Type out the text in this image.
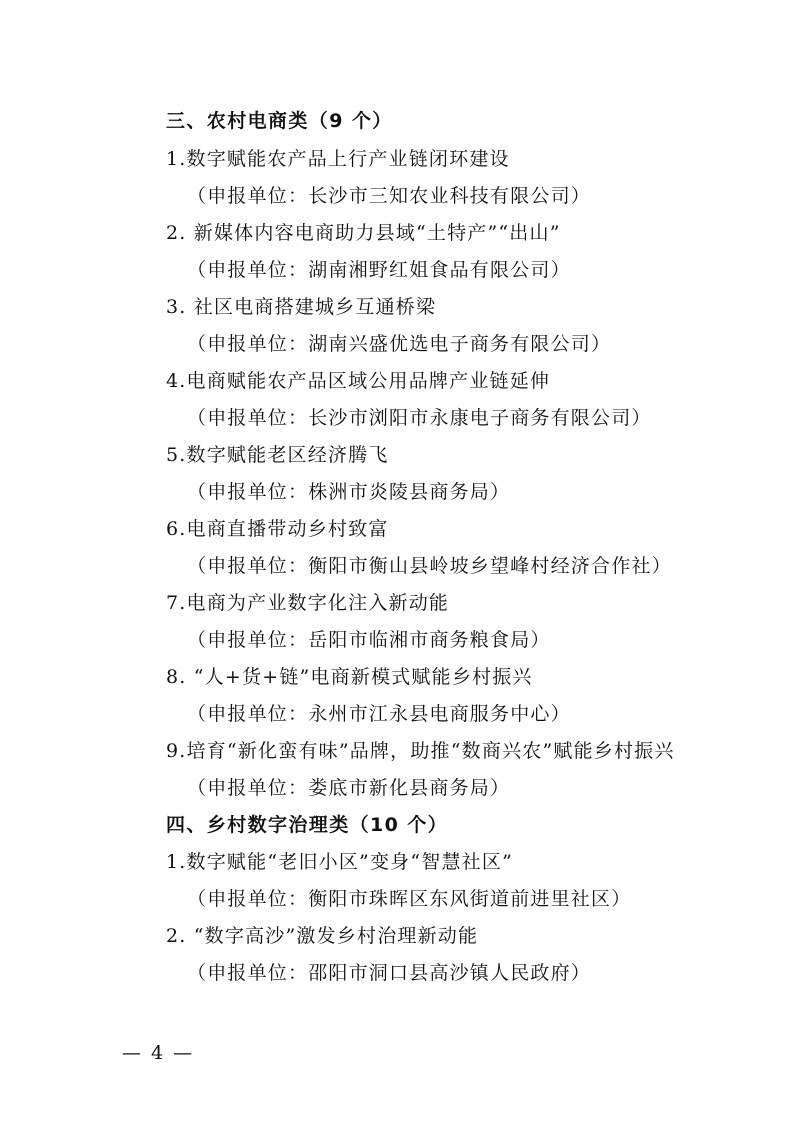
三、农村电商类（9 个）
1.数字赋能农产品上行产业链闭环建设
（申报单位：长沙市三知农业科技有限公司）
2. 新媒体内容电商助力县域“土特产”“出山”
（申报单位：湖南湘野红姐食品有限公司）
3. 社区电商搭建城乡互通桥梁
（申报单位：湖南兴盛优选电子商务有限公司）
4.电商赋能农产品区域公用品牌产业链延伸
（申报单位：长沙市浏阳市永康电子商务有限公司）
5.数字赋能老区经济腾飞
（申报单位：株洲市炎陵县商务局）
6.电商直播带动乡村致富
（申报单位：衡阳市衡山县岭坡乡望峰村经济合作社）
7.电商为产业数字化注入新动能
（申报单位：岳阳市临湘市商务粮食局）
8. “人+货+链”电商新模式赋能乡村振兴
（申报单位：永州市江永县电商服务中心）
9.培育“新化蛮有味”品牌，助推“数商兴农”赋能乡村振兴
（申报单位：娄底市新化县商务局）
四、乡村数字治理类（10 个）
1.数字赋能“老旧小区”变身“智慧社区”
（申报单位：衡阳市珠晖区东风街道前进里社区）
2. “数字高沙”激发乡村治理新动能
（申报单位：邵阳市洞口县高沙镇人民政府）
— 4 —
